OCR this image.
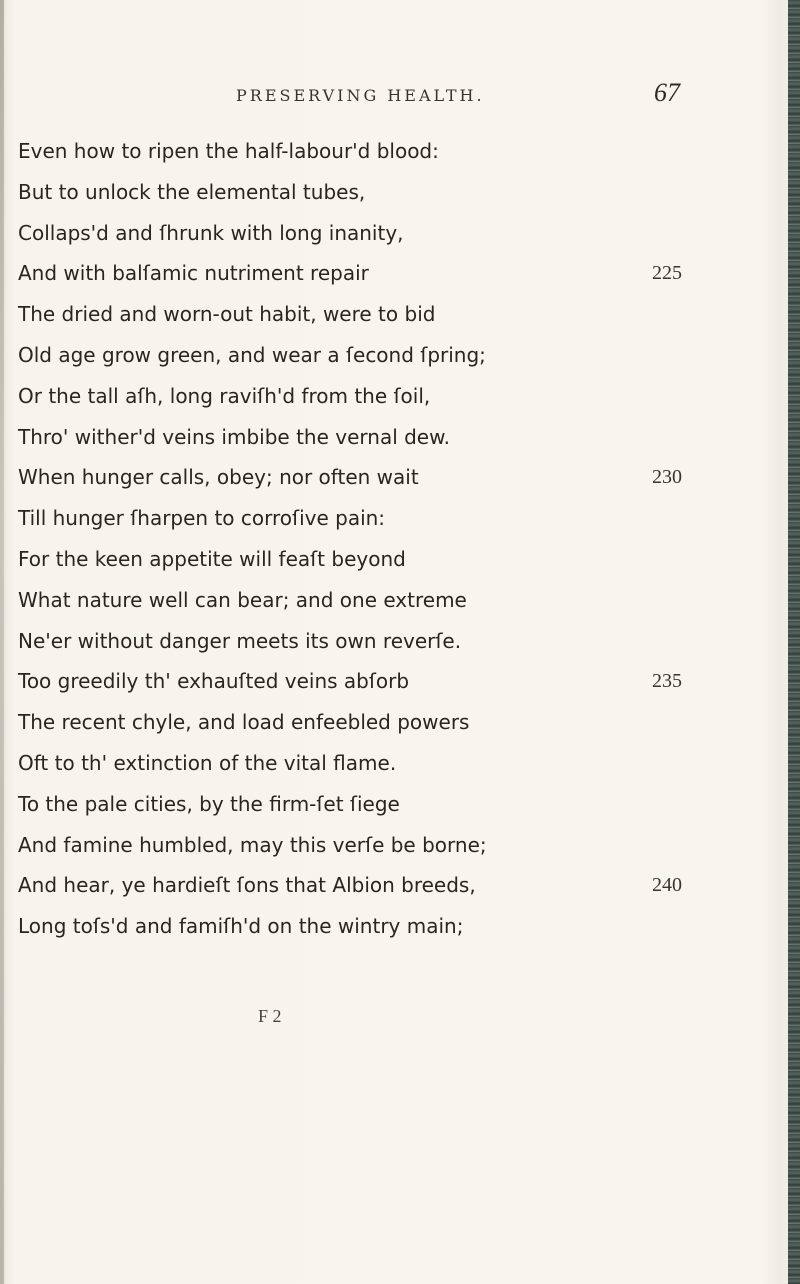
PRESERVING HEALTH.	67
Even how to ripen the half-labour'd blood:
But to unlock the elemental tubes,
Collaps'd and ſhrunk with long inanity,
And with balſamic nutriment repair	225
The dried and worn-out habit, were to bid
Old age grow green, and wear a ſecond ſpring;
Or the tall aſh, long raviſh'd from the ſoil,
Thro' wither'd veins imbibe the vernal dew.
When hunger calls, obey; nor often wait	230
Till hunger ſharpen to corroſive pain:
For the keen appetite will feaſt beyond
What nature well can bear; and one extreme
Ne'er without danger meets its own reverſe.
Too greedily th' exhauſted veins abſorb	235
The recent chyle, and load enfeebled powers
Oft to th' extinction of the vital flame.
To the pale cities, by the firm-ſet ſiege
And famine humbled, may this verſe be borne;
And hear, ye hardieſt ſons that Albion breeds,	240
Long toſs'd and famiſh'd on the wintry main;
F 2
